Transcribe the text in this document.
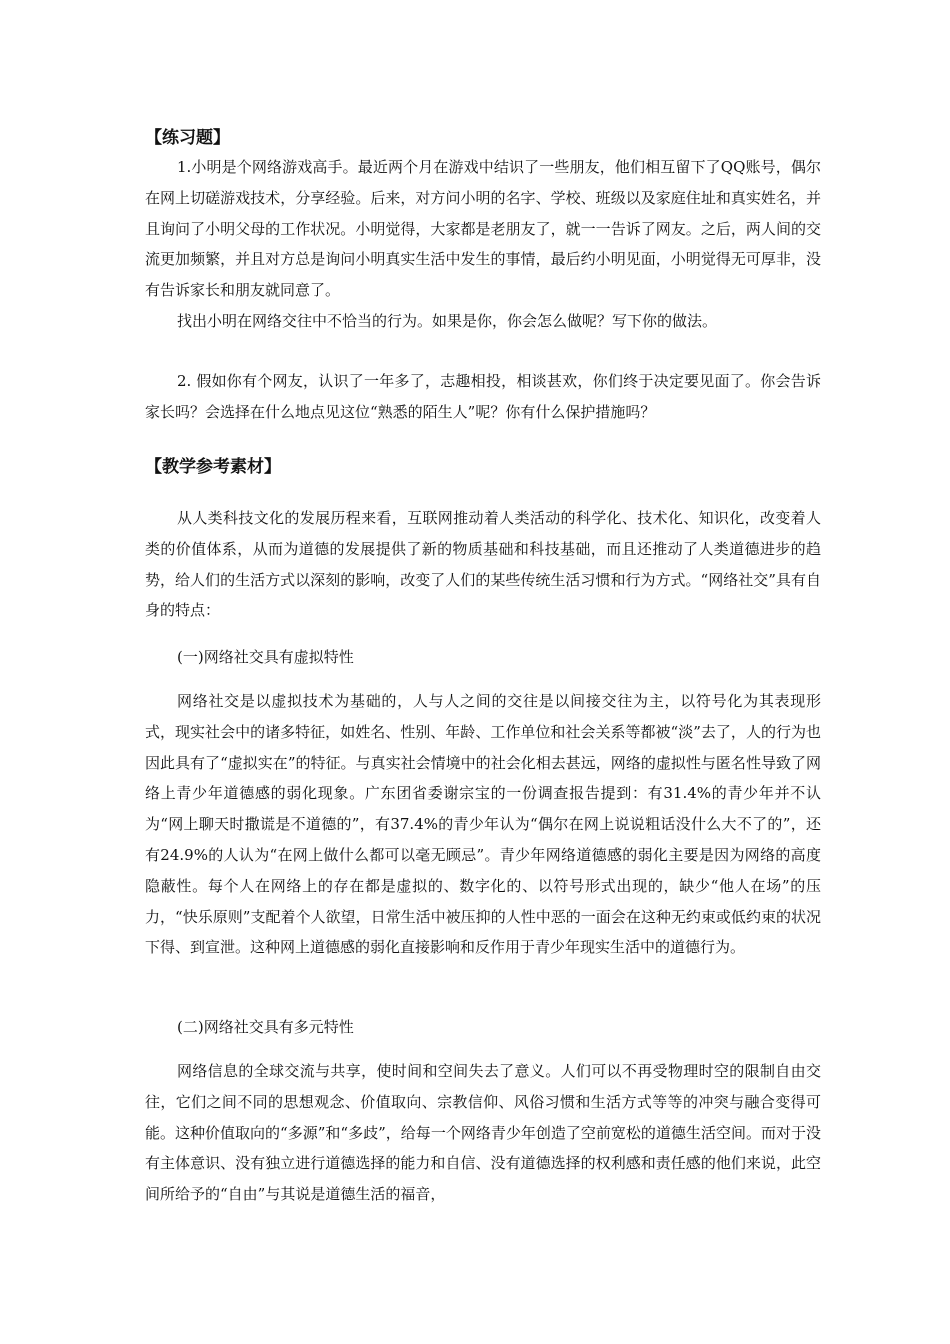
【练习题】

1.小明是个网络游戏高手。最近两个月在游戏中结识了一些朋友，他们相互留下了QQ账号，偶尔在网上切磋游戏技术，分享经验。后来，对方问小明的名字、学校、班级以及家庭住址和真实姓名，并且询问了小明父母的工作状况。小明觉得，大家都是老朋友了，就一一告诉了网友。之后，两人间的交流更加频繁，并且对方总是询问小明真实生活中发生的事情，最后约小明见面，小明觉得无可厚非，没有告诉家长和朋友就同意了。

找出小明在网络交往中不恰当的行为。如果是你，你会怎么做呢？写下你的做法。

2. 假如你有个网友，认识了一年多了，志趣相投，相谈甚欢，你们终于决定要见面了。你会告诉家长吗？会选择在什么地点见这位“熟悉的陌生人”呢？你有什么保护措施吗？

【教学参考素材】

从人类科技文化的发展历程来看，互联网推动着人类活动的科学化、技术化、知识化，改变着人类的价值体系，从而为道德的发展提供了新的物质基础和科技基础，而且还推动了人类道德进步的趋势，给人们的生活方式以深刻的影响，改变了人们的某些传统生活习惯和行为方式。“网络社交”具有自身的特点：

(一)网络社交具有虚拟特性

网络社交是以虚拟技术为基础的，人与人之间的交往是以间接交往为主，以符号化为其表现形式，现实社会中的诸多特征，如姓名、性别、年龄、工作单位和社会关系等都被“淡”去了，人的行为也因此具有了“虚拟实在”的特征。与真实社会情境中的社会化相去甚远，网络的虚拟性与匿名性导致了网络上青少年道德感的弱化现象。广东团省委谢宗宝的一份调查报告提到：有31.4%的青少年并不认为“网上聊天时撒谎是不道德的”，有37.4%的青少年认为“偶尔在网上说说粗话没什么大不了的”，还有24.9%的人认为“在网上做什么都可以毫无顾忌”。青少年网络道德感的弱化主要是因为网络的高度隐蔽性。每个人在网络上的存在都是虚拟的、数字化的、以符号形式出现的，缺少“他人在场”的压力，“快乐原则”支配着个人欲望，日常生活中被压抑的人性中恶的一面会在这种无约束或低约束的状况下得、到宣泄。这种网上道德感的弱化直接影响和反作用于青少年现实生活中的道德行为。

(二)网络社交具有多元特性

网络信息的全球交流与共享，使时间和空间失去了意义。人们可以不再受物理时空的限制自由交往，它们之间不同的思想观念、价值取向、宗教信仰、风俗习惯和生活方式等等的冲突与融合变得可能。这种价值取向的“多源”和“多歧”，给每一个网络青少年创造了空前宽松的道德生活空间。而对于没有主体意识、没有独立进行道德选择的能力和自信、没有道德选择的权利感和责任感的他们来说，此空间所给予的“自由”与其说是道德生活的福音，
